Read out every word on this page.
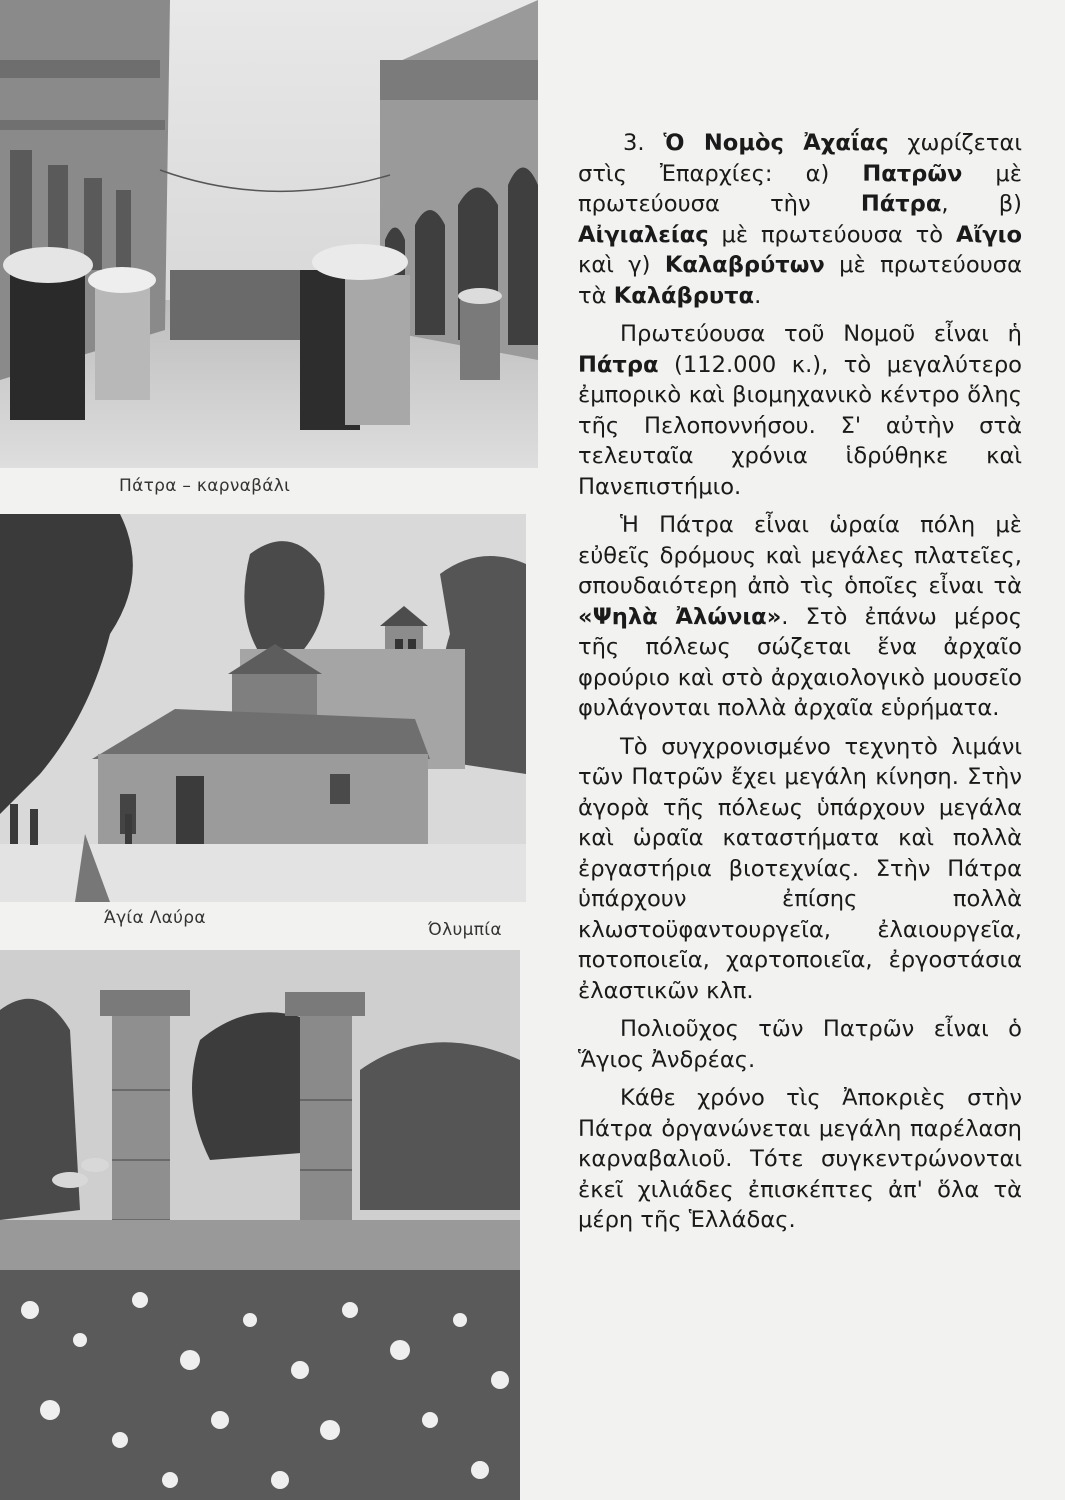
Πάτρα – καρναβάλι
Άγία Λαύρα
Όλυμπία

3. Ὁ Νομὸς Ἀχαΐας χωρίζεται στὶς Ἐπαρχίες: α) Πατρῶν μὲ πρωτεύουσα τὴν Πάτρα, β) Αἰγιαλείας μὲ πρωτεύουσα τὸ Αἴγιο καὶ γ) Καλαβρύτων μὲ πρωτεύουσα τὰ Καλάβρυτα.

Πρωτεύουσα τοῦ Νομοῦ εἶναι ἡ Πάτρα (112.000 κ.), τὸ μεγαλύτερο ἐμπορικὸ καὶ βιομηχανικὸ κέντρο ὅλης τῆς Πελοποννήσου. Σ' αὐτὴν στὰ τελευταῖα χρόνια ἱδρύθηκε καὶ Πανεπιστήμιο.

Ἡ Πάτρα εἶναι ὡραία πόλη μὲ εὐθεῖς δρόμους καὶ μεγάλες πλατεῖες, σπουδαιότερη ἀπὸ τὶς ὁποῖες εἶναι τὰ «Ψηλὰ Ἀλώνια». Στὸ ἐπάνω μέρος τῆς πόλεως σώζεται ἕνα ἀρχαῖο φρούριο καὶ στὸ ἀρχαιολογικὸ μουσεῖο φυλάγονται πολλὰ ἀρχαῖα εὑρήματα.

Τὸ συγχρονισμένο τεχνητὸ λιμάνι τῶν Πατρῶν ἔχει μεγάλη κίνηση. Στὴν ἀγορὰ τῆς πόλεως ὑπάρχουν μεγάλα καὶ ὡραῖα καταστήματα καὶ πολλὰ ἐργαστήρια βιοτεχνίας. Στὴν Πάτρα ὑπάρχουν ἐπίσης πολλὰ κλωστοϋφαντουργεῖα, ἐλαιουργεῖα, ποτοποιεῖα, χαρτοποιεῖα, ἐργοστάσια ἐλαστικῶν κλπ.

Πολιοῦχος τῶν Πατρῶν εἶναι ὁ Ἅγιος Ἀνδρέας.

Κάθε χρόνο τὶς Ἀποκριὲς στὴν Πάτρα ὀργανώνεται μεγάλη παρέλαση καρναβαλιοῦ. Τότε συγκεντρώνονται ἐκεῖ χιλιάδες ἐπισκέπτες ἀπ' ὅλα τὰ μέρη τῆς Ἑλλάδας.
